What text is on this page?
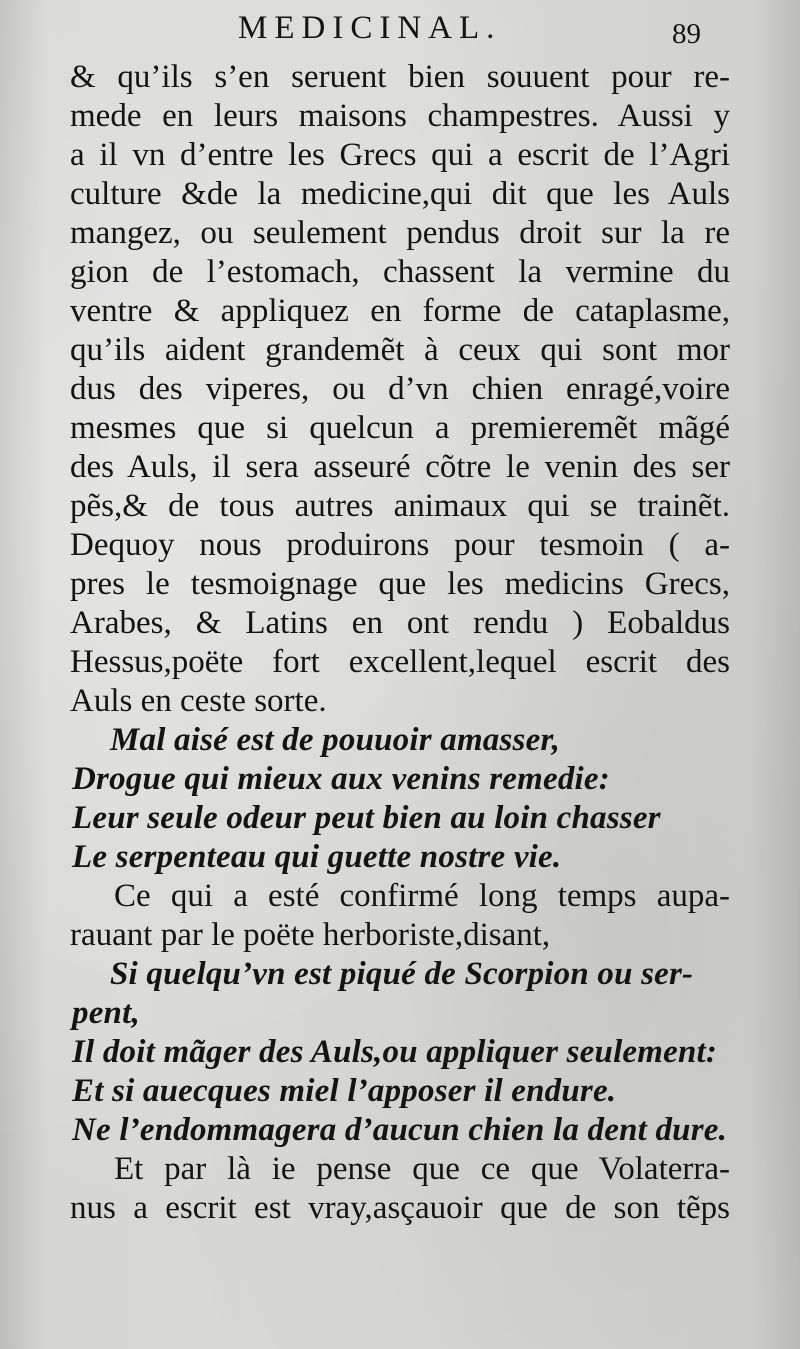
MEDICINAL.	89
& qu’ils s’en seruent bien souuent pour re-
mede en leurs maisons champestres. Aussi y
a il vn d’entre les Grecs qui a escrit de l’Agri
culture &de la medicine,qui dit que les Auls
mangez, ou seulement pendus droit sur la re
gion de l’estomach, chassent la vermine du
ventre & appliquez en forme de cataplasme,
qu’ils aident grandemẽt à ceux qui sont mor
dus des viperes, ou d’vn chien enragé,voire
mesmes que si quelcun a premieremẽt mãgé
des Auls, il sera asseuré cõtre le venin des ser
pẽs,& de tous autres animaux qui se trainẽt.
Dequoy nous produirons pour tesmoin ( a-
pres le tesmoignage que les medicins Grecs,
Arabes, & Latins en ont rendu ) Eobaldus
Hessus,poëte fort excellent,lequel escrit des
Auls en ceste sorte.
Mal aisé est de pouuoir amasser,
Drogue qui mieux aux venins remedie:
Leur seule odeur peut bien au loin chasser
Le serpenteau qui guette nostre vie.
Ce qui a esté confirmé long temps aupa-
rauant par le poëte herboriste,disant,
Si quelqu’vn est piqué de Scorpion ou ser-
pent,
Il doit mãger des Auls,ou appliquer seulement:
Et si auecques miel l’apposer il endure.
Ne l’endommagera d’aucun chien la dent dure.
Et par là ie pense que ce que Volaterra-
nus a escrit est vray,asçauoir que de son tẽps
